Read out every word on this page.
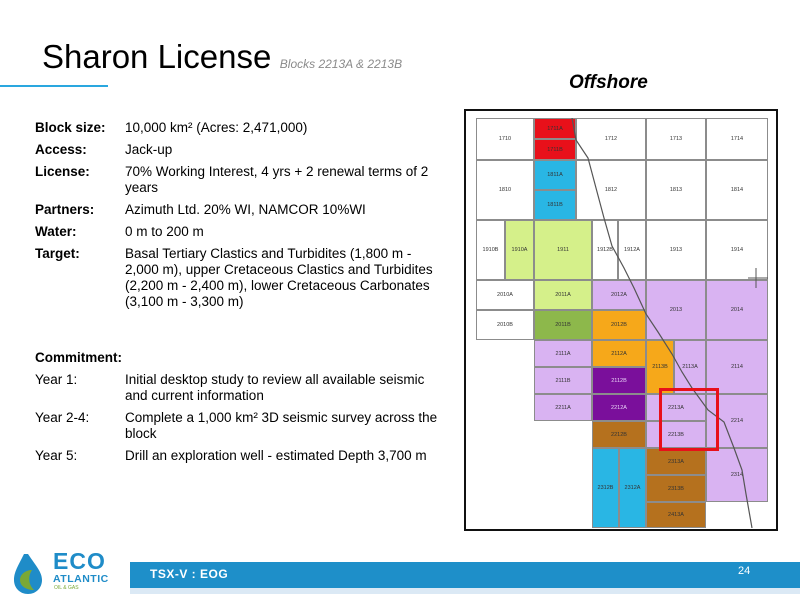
Sharon License Blocks 2213A & 2213B
Offshore
Block size:	10,000 km² (Acres: 2,471,000)
Access:	Jack-up
License:	70% Working Interest, 4 yrs + 2 renewal terms of 2 years
Partners:	Azimuth Ltd. 20% WI, NAMCOR 10%WI
Water:	0 m to 200 m
Target:	Basal Tertiary Clastics and Turbidites (1,800 m - 2,000 m), upper Cretaceous Clastics and Turbidites (2,200 m - 2,400 m), lower Cretaceous Carbonates (3,100 m - 3,300 m)
Commitment:
Year 1:	Initial desktop study to review all available seismic and current information
Year 2-4:	Complete a 1,000 km² 3D seismic survey across the block
Year 5:	Drill an exploration well - estimated Depth 3,700 m
1710
1711A
1711B
1712	1713	1714
1810
1811A
1811B
1812	1813	1814
1910B	1910A	1911	1912B	1912A	1913	1914
2010A	2011A	2012A
2010B	2011B	2012B
2013	2014
2111A	2112A
2111B	2112B
2113B	2113A	2114
2211A	2212A
2212B
2213A
2213B
2214
2312B	2312A
2313A
2313B
2314
2413A
ECO
ATLANTIC
OIL & GAS
TSX-V : EOG	24
